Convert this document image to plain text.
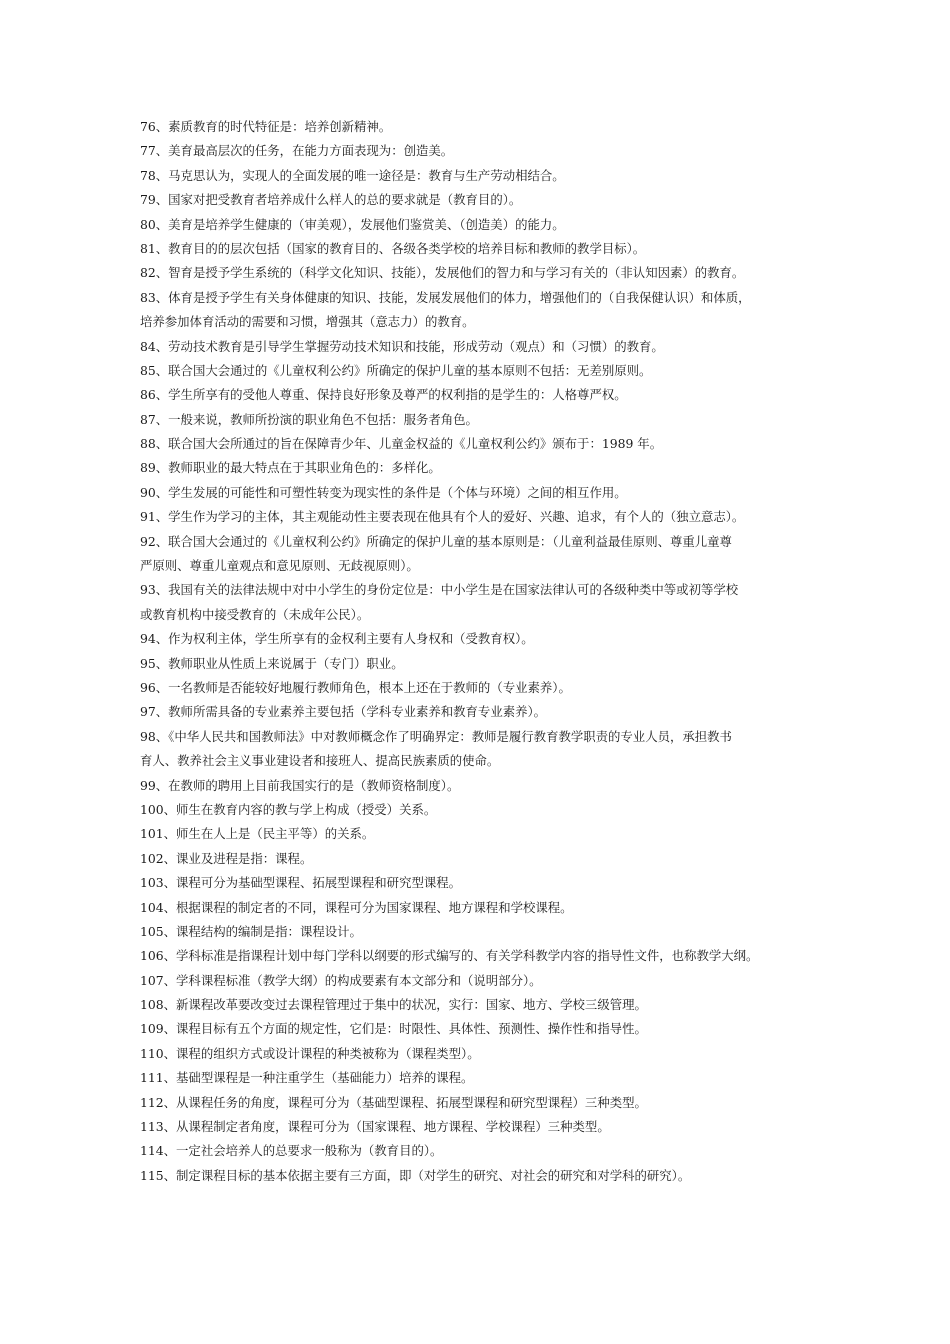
76、素质教育的时代特征是：培养创新精神。
77、美育最高层次的任务，在能力方面表现为：创造美。
78、马克思认为，实现人的全面发展的唯一途径是：教育与生产劳动相结合。
79、国家对把受教育者培养成什么样人的总的要求就是（教育目的）。
80、美育是培养学生健康的（审美观），发展他们鉴赏美、（创造美）的能力。
81、教育目的的层次包括（国家的教育目的、各级各类学校的培养目标和教师的教学目标）。
82、智育是授予学生系统的（科学文化知识、技能），发展他们的智力和与学习有关的（非认知因素）的教育。
83、体育是授予学生有关身体健康的知识、技能，发展发展他们的体力，增强他们的（自我保健认识）和体质，
培养参加体育活动的需要和习惯，增强其（意志力）的教育。
84、劳动技术教育是引导学生掌握劳动技术知识和技能，形成劳动（观点）和（习惯）的教育。
85、联合国大会通过的《儿童权利公约》所确定的保护儿童的基本原则不包括：无差别原则。
86、学生所享有的受他人尊重、保持良好形象及尊严的权利指的是学生的：人格尊严权。
87、一般来说，教师所扮演的职业角色不包括：服务者角色。
88、联合国大会所通过的旨在保障青少年、儿童金权益的《儿童权利公约》颁布于：1989 年。
89、教师职业的最大特点在于其职业角色的：多样化。
90、学生发展的可能性和可塑性转变为现实性的条件是（个体与环境）之间的相互作用。
91、学生作为学习的主体，其主观能动性主要表现在他具有个人的爱好、兴趣、追求，有个人的（独立意志）。
92、联合国大会通过的《儿童权利公约》所确定的保护儿童的基本原则是：（儿童利益最佳原则、尊重儿童尊
严原则、尊重儿童观点和意见原则、无歧视原则）。
93、我国有关的法律法规中对中小学生的身份定位是：中小学生是在国家法律认可的各级种类中等或初等学校
或教育机构中接受教育的（未成年公民）。
94、作为权利主体，学生所享有的金权利主要有人身权和（受教育权）。
95、教师职业从性质上来说属于（专门）职业。
96、一名教师是否能较好地履行教师角色，根本上还在于教师的（专业素养）。
97、教师所需具备的专业素养主要包括（学科专业素养和教育专业素养）。
98、《中华人民共和国教师法》中对教师概念作了明确界定：教师是履行教育教学职责的专业人员，承担教书
育人、教养社会主义事业建设者和接班人、提高民族素质的使命。
99、在教师的聘用上目前我国实行的是（教师资格制度）。
100、师生在教育内容的教与学上构成（授受）关系。
101、师生在人上是（民主平等）的关系。
102、课业及进程是指：课程。
103、课程可分为基础型课程、拓展型课程和研究型课程。
104、根据课程的制定者的不同，课程可分为国家课程、地方课程和学校课程。
105、课程结构的编制是指：课程设计。
106、学科标准是指课程计划中每门学科以纲要的形式编写的、有关学科教学内容的指导性文件，也称教学大纲。
107、学科课程标准（教学大纲）的构成要素有本文部分和（说明部分）。
108、新课程改革要改变过去课程管理过于集中的状况，实行：国家、地方、学校三级管理。
109、课程目标有五个方面的规定性，它们是：时限性、具体性、预测性、操作性和指导性。
110、课程的组织方式或设计课程的种类被称为（课程类型）。
111、基础型课程是一种注重学生（基础能力）培养的课程。
112、从课程任务的角度，课程可分为（基础型课程、拓展型课程和研究型课程）三种类型。
113、从课程制定者角度，课程可分为（国家课程、地方课程、学校课程）三种类型。
114、一定社会培养人的总要求一般称为（教育目的）。
115、制定课程目标的基本依据主要有三方面，即（对学生的研究、对社会的研究和对学科的研究）。
